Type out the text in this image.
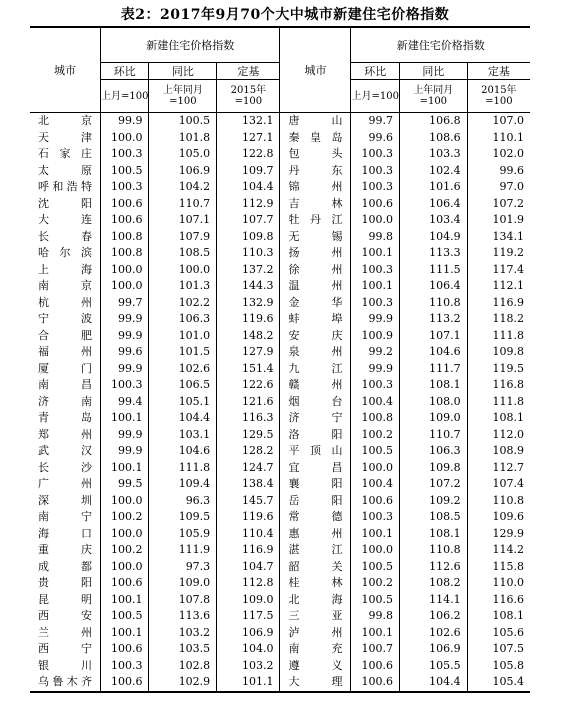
表2：2017年9月70个大中城市新建住宅价格指数
城市	新建住宅价格指数			城市	新建住宅价格指数		
	环比	同比	定基		环比	同比	定基
	上月=100	上年同月=100	2015年=100		上月=100	上年同月=100	2015年=100
北京	99.9	100.5	132.1	唐山	99.7	106.8	107.0
天津	100.0	101.8	127.1	秦皇岛	99.6	108.6	110.1
石家庄	100.3	105.0	122.8	包头	100.3	103.3	102.0
太原	100.5	106.9	109.7	丹东	100.3	102.4	99.6
呼和浩特	100.3	104.2	104.4	锦州	100.3	101.6	97.0
沈阳	100.6	110.7	112.9	吉林	100.6	106.4	107.2
大连	100.6	107.1	107.7	牡丹江	100.0	103.4	101.9
长春	100.8	107.9	109.8	无锡	99.8	104.9	134.1
哈尔滨	100.8	108.5	110.3	扬州	100.1	113.3	119.2
上海	100.0	100.0	137.2	徐州	100.3	111.5	117.4
南京	100.0	101.3	144.3	温州	100.1	106.4	112.1
杭州	99.7	102.2	132.9	金华	100.3	110.8	116.9
宁波	99.9	106.3	119.6	蚌埠	99.9	113.2	118.2
合肥	99.9	101.0	148.2	安庆	100.9	107.1	111.8
福州	99.6	101.5	127.9	泉州	99.2	104.6	109.8
厦门	99.9	102.6	151.4	九江	99.9	111.7	119.5
南昌	100.3	106.5	122.6	赣州	100.3	108.1	116.8
济南	99.4	105.1	121.6	烟台	100.4	108.0	111.8
青岛	100.1	104.4	116.3	济宁	100.8	109.0	108.1
郑州	99.9	103.1	129.5	洛阳	100.2	110.7	112.0
武汉	99.9	104.6	128.2	平顶山	100.5	106.3	108.9
长沙	100.1	111.8	124.7	宜昌	100.0	109.8	112.7
广州	99.5	109.4	138.4	襄阳	100.4	107.2	107.4
深圳	100.0	96.3	145.7	岳阳	100.6	109.2	110.8
南宁	100.2	109.5	119.6	常德	100.3	108.5	109.6
海口	100.0	105.9	110.4	惠州	100.1	108.1	129.9
重庆	100.2	111.9	116.9	湛江	100.0	110.8	114.2
成都	100.0	97.3	104.7	韶关	100.5	112.6	115.8
贵阳	100.6	109.0	112.8	桂林	100.2	108.2	110.0
昆明	100.1	107.8	109.0	北海	100.5	114.1	116.6
西安	100.5	113.6	117.5	三亚	99.8	106.2	108.1
兰州	100.1	103.2	106.9	泸州	100.1	102.6	105.6
西宁	100.6	103.5	104.0	南充	100.7	106.9	107.5
银川	100.3	102.8	103.2	遵义	100.6	105.5	105.8
乌鲁木齐	100.6	102.9	101.1	大理	100.6	104.4	105.4
